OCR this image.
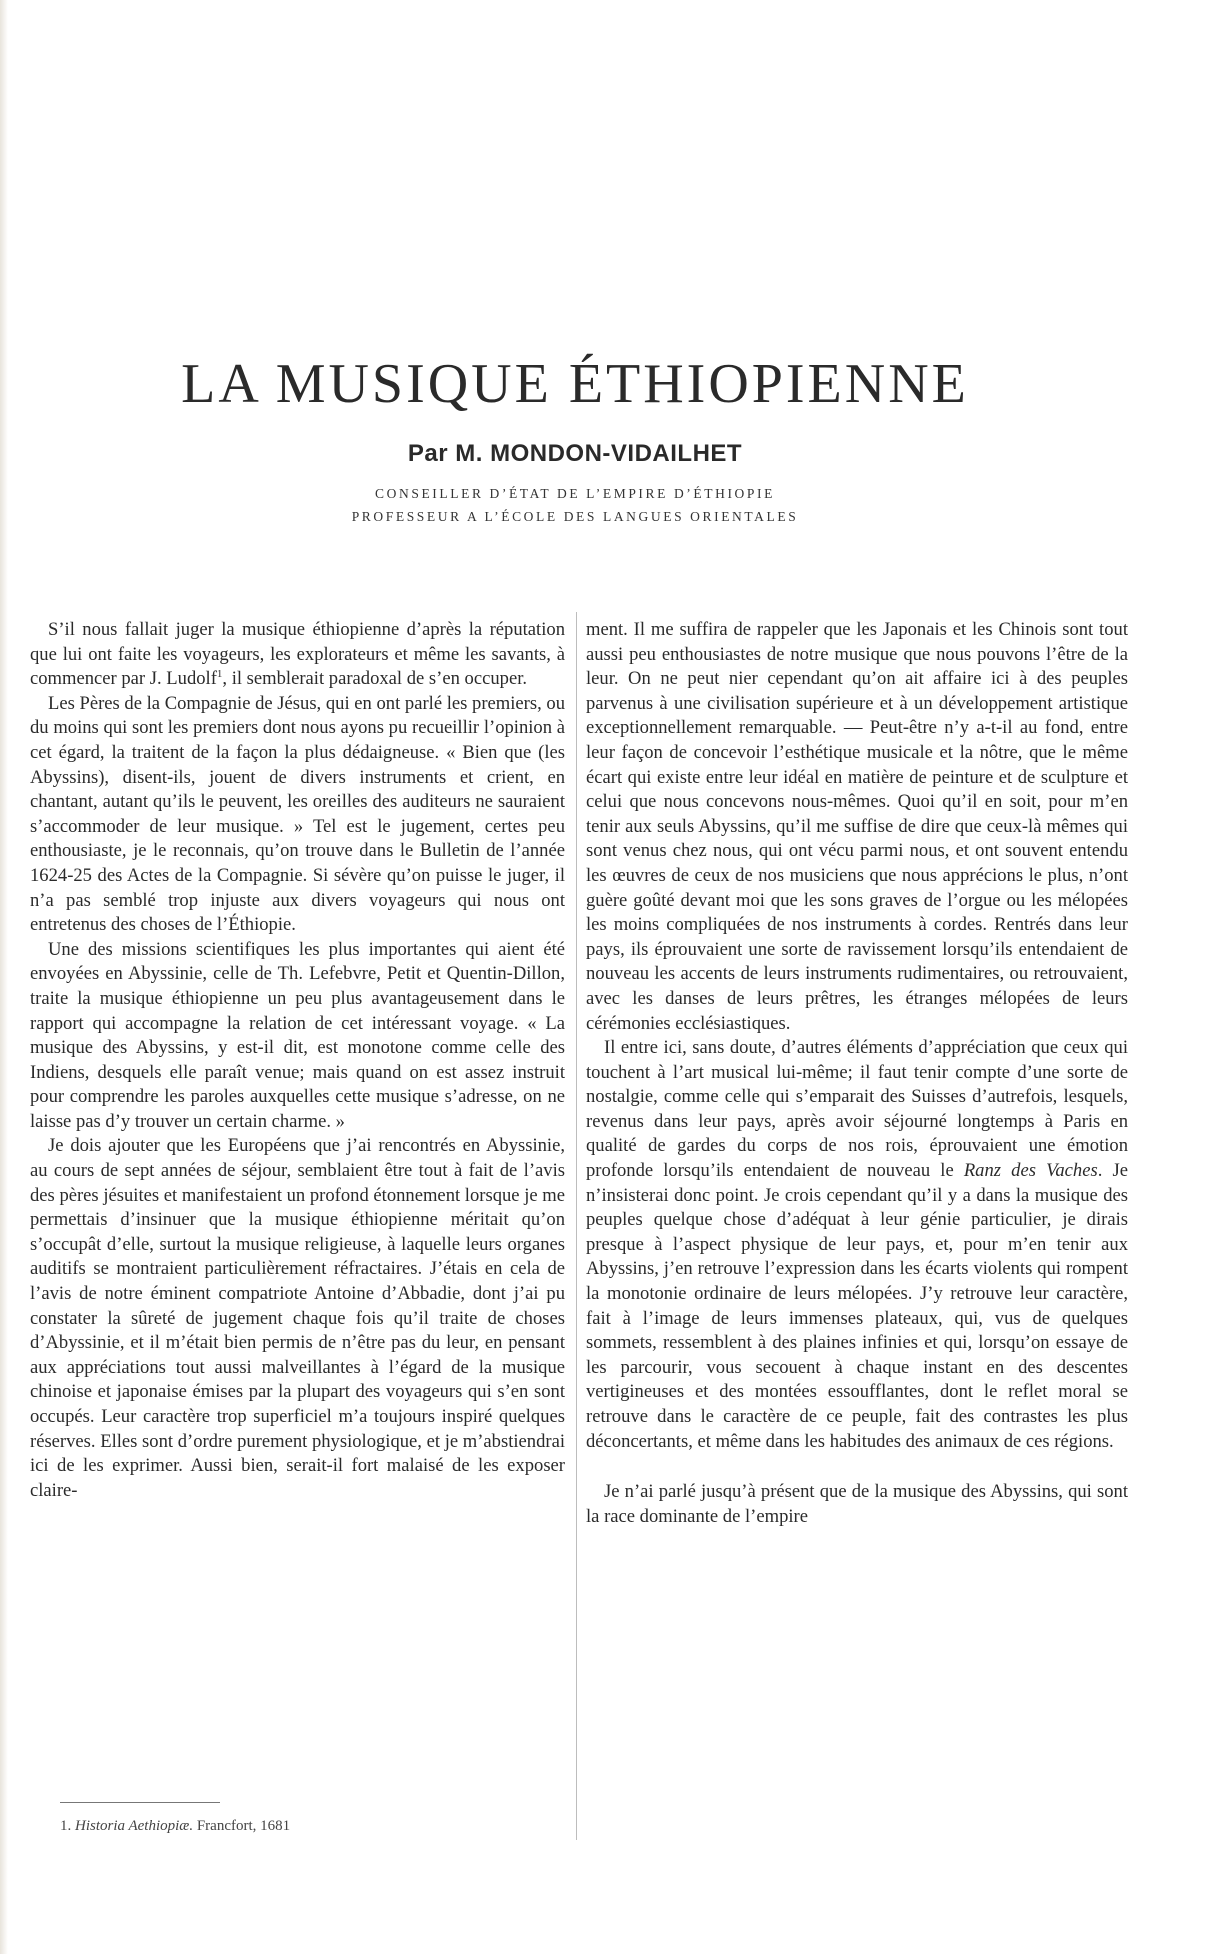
LA MUSIQUE ÉTHIOPIENNE
Par M. MONDON-VIDAILHET
CONSEILLER D’ÉTAT DE L’EMPIRE D’ÉTHIOPIE
PROFESSEUR A L’ÉCOLE DES LANGUES ORIENTALES

S’il nous fallait juger la musique éthiopienne d’après la réputation que lui ont faite les voyageurs, les explorateurs et même les savants, à commencer par J. Ludolf$^1$, il semblerait paradoxal de s’en occuper.

Les Pères de la Compagnie de Jésus, qui en ont parlé les premiers, ou du moins qui sont les premiers dont nous ayons pu recueillir l’opinion à cet égard, la traitent de la façon la plus dédaigneuse. « Bien que (les Abyssins), disent-ils, jouent de divers instruments et crient, en chantant, autant qu’ils le peuvent, les oreilles des auditeurs ne sauraient s’accommoder de leur musique. » Tel est le jugement, certes peu enthousiaste, je le reconnais, qu’on trouve dans le Bulletin de l’année 1624-25 des Actes de la Compagnie. Si sévère qu’on puisse le juger, il n’a pas semblé trop injuste aux divers voyageurs qui nous ont entretenus des choses de l’Éthiopie.

Une des missions scientifiques les plus importantes qui aient été envoyées en Abyssinie, celle de Th. Lefebvre, Petit et Quentin-Dillon, traite la musique éthiopienne un peu plus avantageusement dans le rapport qui accompagne la relation de cet intéressant voyage. « La musique des Abyssins, y est-il dit, est monotone comme celle des Indiens, desquels elle paraît venue; mais quand on est assez instruit pour comprendre les paroles auxquelles cette musique s’adresse, on ne laisse pas d’y trouver un certain charme. »

Je dois ajouter que les Européens que j’ai rencontrés en Abyssinie, au cours de sept années de séjour, semblaient être tout à fait de l’avis des pères jésuites et manifestaient un profond étonnement lorsque je me permettais d’insinuer que la musique éthiopienne méritait qu’on s’occupât d’elle, surtout la musique religieuse, à laquelle leurs organes auditifs se montraient particulièrement réfractaires. J’étais en cela de l’avis de notre éminent compatriote Antoine d’Abbadie, dont j’ai pu constater la sûreté de jugement chaque fois qu’il traite de choses d’Abyssinie, et il m’était bien permis de n’être pas du leur, en pensant aux appréciations tout aussi malveillantes à l’égard de la musique chinoise et japonaise émises par la plupart des voyageurs qui s’en sont occupés. Leur caractère trop superficiel m’a toujours inspiré quelques réserves. Elles sont d’ordre purement physiologique, et je m’abstiendrai ici de les exprimer. Aussi bien, serait-il fort malaisé de les exposer claire-

ment. Il me suffira de rappeler que les Japonais et les Chinois sont tout aussi peu enthousiastes de notre musique que nous pouvons l’être de la leur. On ne peut nier cependant qu’on ait affaire ici à des peuples parvenus à une civilisation supérieure et à un développement artistique exceptionnellement remarquable. — Peut-être n’y a-t-il au fond, entre leur façon de concevoir l’esthétique musicale et la nôtre, que le même écart qui existe entre leur idéal en matière de peinture et de sculpture et celui que nous concevons nous-mêmes. Quoi qu’il en soit, pour m’en tenir aux seuls Abyssins, qu’il me suffise de dire que ceux-là mêmes qui sont venus chez nous, qui ont vécu parmi nous, et ont souvent entendu les œuvres de ceux de nos musiciens que nous apprécions le plus, n’ont guère goûté devant moi que les sons graves de l’orgue ou les mélopées les moins compliquées de nos instruments à cordes. Rentrés dans leur pays, ils éprouvaient une sorte de ravissement lorsqu’ils entendaient de nouveau les accents de leurs instruments rudimentaires, ou retrouvaient, avec les danses de leurs prêtres, les étranges mélopées de leurs cérémonies ecclésiastiques.

Il entre ici, sans doute, d’autres éléments d’appréciation que ceux qui touchent à l’art musical lui-même; il faut tenir compte d’une sorte de nostalgie, comme celle qui s’emparait des Suisses d’autrefois, lesquels, revenus dans leur pays, après avoir séjourné longtemps à Paris en qualité de gardes du corps de nos rois, éprouvaient une émotion profonde lorsqu’ils entendaient de nouveau le Ranz des Vaches. Je n’insisterai donc point. Je crois cependant qu’il y a dans la musique des peuples quelque chose d’adéquat à leur génie particulier, je dirais presque à l’aspect physique de leur pays, et, pour m’en tenir aux Abyssins, j’en retrouve l’expression dans les écarts violents qui rompent la monotonie ordinaire de leurs mélopées. J’y retrouve leur caractère, fait à l’image de leurs immenses plateaux, qui, vus de quelques sommets, ressemblent à des plaines infinies et qui, lorsqu’on essaye de les parcourir, vous secouent à chaque instant en des descentes vertigineuses et des montées essoufflantes, dont le reflet moral se retrouve dans le caractère de ce peuple, fait des contrastes les plus déconcertants, et même dans les habitudes des animaux de ces régions.

Je n’ai parlé jusqu’à présent que de la musique des Abyssins, qui sont la race dominante de l’empire

1. Historia Aethiopiæ. Francfort, 1681
